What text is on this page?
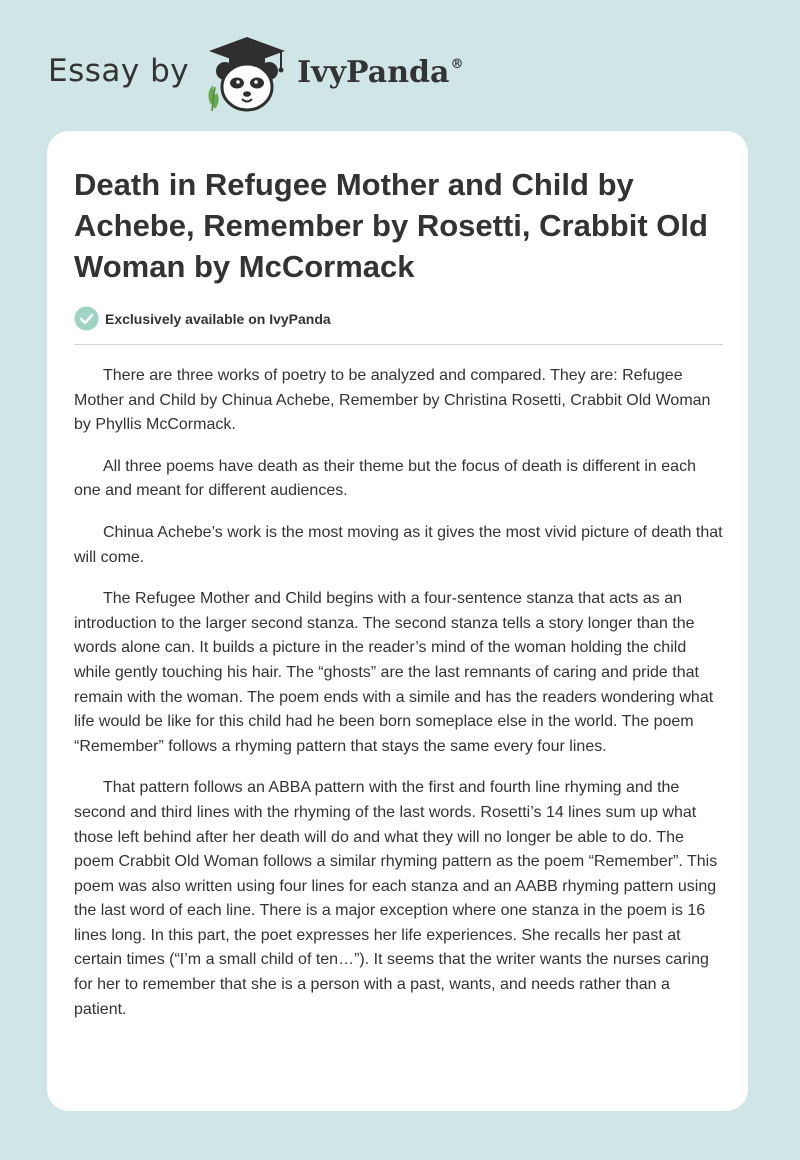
Essay by	IvyPanda®
Death in Refugee Mother and Child by Achebe, Remember by Rosetti, Crabbit Old Woman by McCormack
Exclusively available on IvyPanda

There are three works of poetry to be analyzed and compared. They are: Refugee Mother and Child by Chinua Achebe, Remember by Christina Rosetti, Crabbit Old Woman by Phyllis McCormack.

All three poems have death as their theme but the focus of death is different in each one and meant for different audiences.

Chinua Achebe’s work is the most moving as it gives the most vivid picture of death that will come.

The Refugee Mother and Child begins with a four-sentence stanza that acts as an introduction to the larger second stanza. The second stanza tells a story longer than the words alone can. It builds a picture in the reader’s mind of the woman holding the child while gently touching his hair. The “ghosts” are the last remnants of caring and pride that remain with the woman. The poem ends with a simile and has the readers wondering what life would be like for this child had he been born someplace else in the world. The poem “Remember” follows a rhyming pattern that stays the same every four lines.

That pattern follows an ABBA pattern with the first and fourth line rhyming and the second and third lines with the rhyming of the last words. Rosetti’s 14 lines sum up what those left behind after her death will do and what they will no longer be able to do. The poem Crabbit Old Woman follows a similar rhyming pattern as the poem “Remember”. This poem was also written using four lines for each stanza and an AABB rhyming pattern using the last word of each line. There is a major exception where one stanza in the poem is 16 lines long. In this part, the poet expresses her life experiences. She recalls her past at certain times (“I’m a small child of ten…”). It seems that the writer wants the nurses caring for her to remember that she is a person with a past, wants, and needs rather than a patient.
